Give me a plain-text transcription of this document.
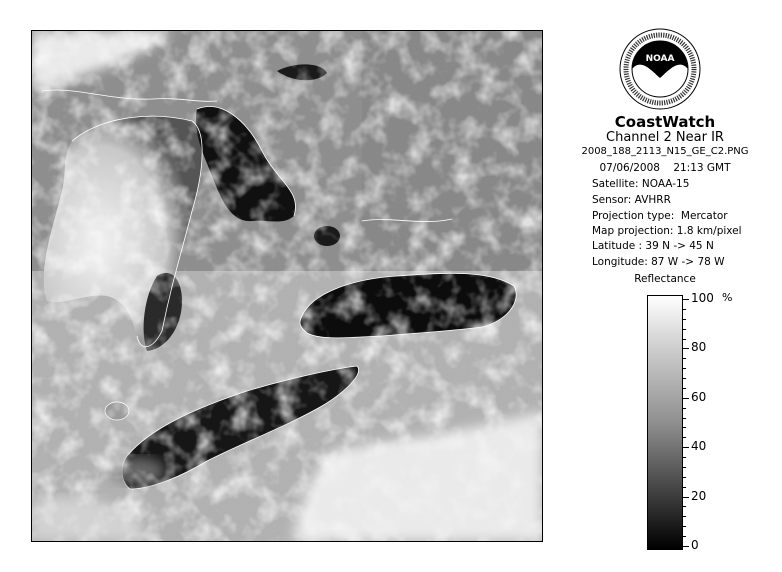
NOAA
CoastWatch
Channel 2 Near IR
2008_188_2113_N15_GE_C2.PNG
07/06/2008    21:13 GMT
Satellite: NOAA-15
Sensor: AVHRR
Projection type:  Mercator
Map projection: 1.8 km/pixel
Latitude : 39 N -> 45 N
Longitude: 87 W -> 78 W
Reflectance
%
100
80
60
40
20
0
